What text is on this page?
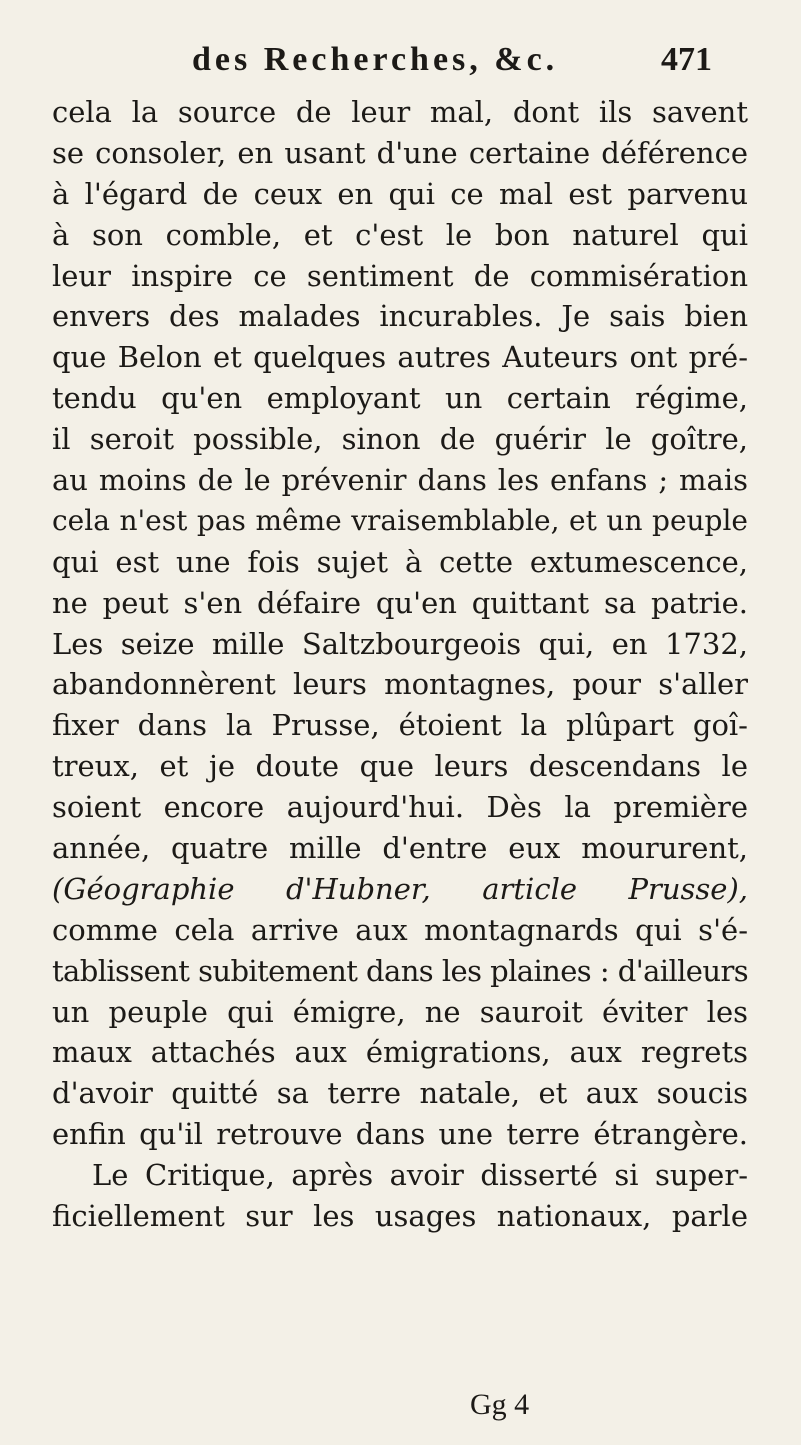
des Recherches, &c.	471
cela la source de leur mal, dont ils savent
se consoler, en usant d'une certaine déférence
à l'égard de ceux en qui ce mal est parvenu
à son comble, et c'est le bon naturel qui
leur inspire ce sentiment de commisération
envers des malades incurables. Je sais bien
que Belon et quelques autres Auteurs ont pré-
tendu qu'en employant un certain régime,
il seroit possible, sinon de guérir le goître,
au moins de le prévenir dans les enfans ; mais
cela n'est pas même vraisemblable, et un peuple
qui est une fois sujet à cette extumescence,
ne peut s'en défaire qu'en quittant sa patrie.
Les seize mille Saltzbourgeois qui, en 1732,
abandonnèrent leurs montagnes, pour s'aller
fixer dans la Prusse, étoient la plûpart goî-
treux, et je doute que leurs descendans le
soient encore aujourd'hui. Dès la première
année, quatre mille d'entre eux moururent,
(Géographie d'Hubner, article Prusse),
comme cela arrive aux montagnards qui s'é-
tablissent subitement dans les plaines : d'ailleurs
un peuple qui émigre, ne sauroit éviter les
maux attachés aux émigrations, aux regrets
d'avoir quitté sa terre natale, et aux soucis
enfin qu'il retrouve dans une terre étrangère.
Le Critique, après avoir disserté si super-
ficiellement sur les usages nationaux, parle
Gg 4
